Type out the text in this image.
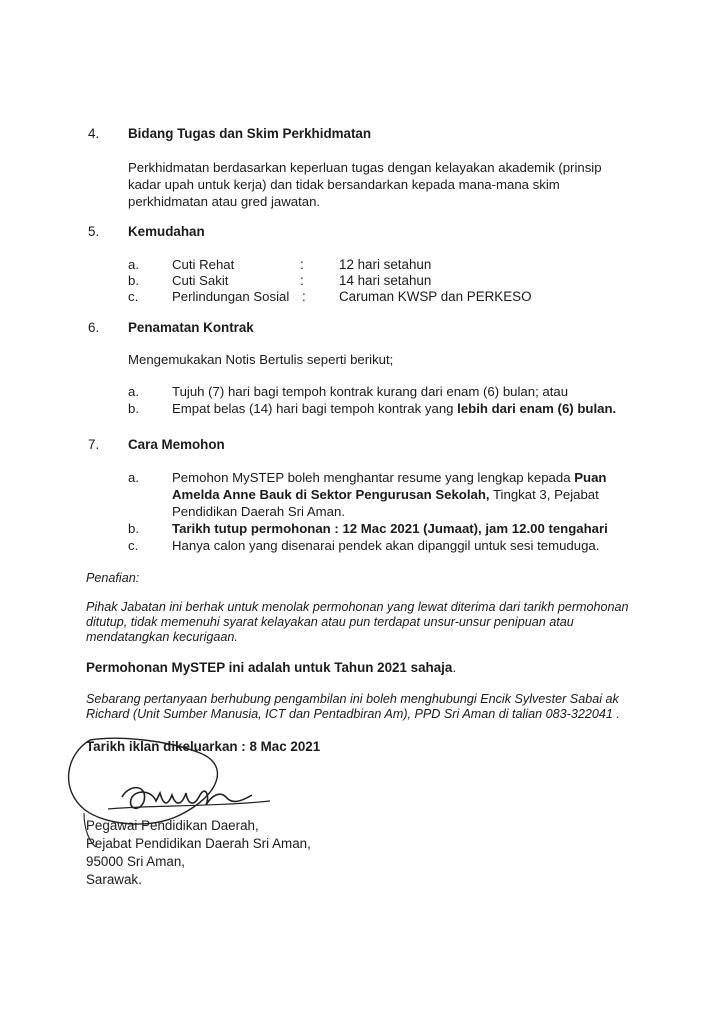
4. Bidang Tugas dan Skim Perkhidmatan
Perkhidmatan berdasarkan keperluan tugas dengan kelayakan akademik (prinsip
kadar upah untuk kerja) dan tidak bersandarkan kepada mana-mana skim
perkhidmatan atau gred jawatan.
5. Kemudahan
a.	Cuti Rehat	:	12 hari setahun
b.	Cuti Sakit	:	14 hari setahun
c.	Perlindungan Sosial : Caruman KWSP dan PERKESO
6. Penamatan Kontrak
Mengemukakan Notis Bertulis seperti berikut;
a.	Tujuh (7) hari bagi tempoh kontrak kurang dari enam (6) bulan; atau
b.	Empat belas (14) hari bagi tempoh kontrak yang lebih dari enam (6) bulan.
7. Cara Memohon
a.	Pemohon MySTEP boleh menghantar resume yang lengkap kepada Puan
Amelda Anne Bauk di Sektor Pengurusan Sekolah, Tingkat 3, Pejabat
Pendidikan Daerah Sri Aman.
b.	Tarikh tutup permohonan : 12 Mac 2021 (Jumaat), jam 12.00 tengahari
c.	Hanya calon yang disenarai pendek akan dipanggil untuk sesi temuduga.
Penafian:
Pihak Jabatan ini berhak untuk menolak permohonan yang lewat diterima dari tarikh permohonan
ditutup, tidak memenuhi syarat kelayakan atau pun terdapat unsur-unsur penipuan atau
mendatangkan kecurigaan.
Permohonan MySTEP ini adalah untuk Tahun 2021 sahaja.
Sebarang pertanyaan berhubung pengambilan ini boleh menghubungi Encik Sylvester Sabai ak
Richard (Unit Sumber Manusia, ICT dan Pentadbiran Am), PPD Sri Aman di talian 083-322041 .
Tarikh iklan dikeluarkan : 8 Mac 2021
Pegawai Pendidikan Daerah,
Pejabat Pendidikan Daerah Sri Aman,
95000 Sri Aman,
Sarawak.
